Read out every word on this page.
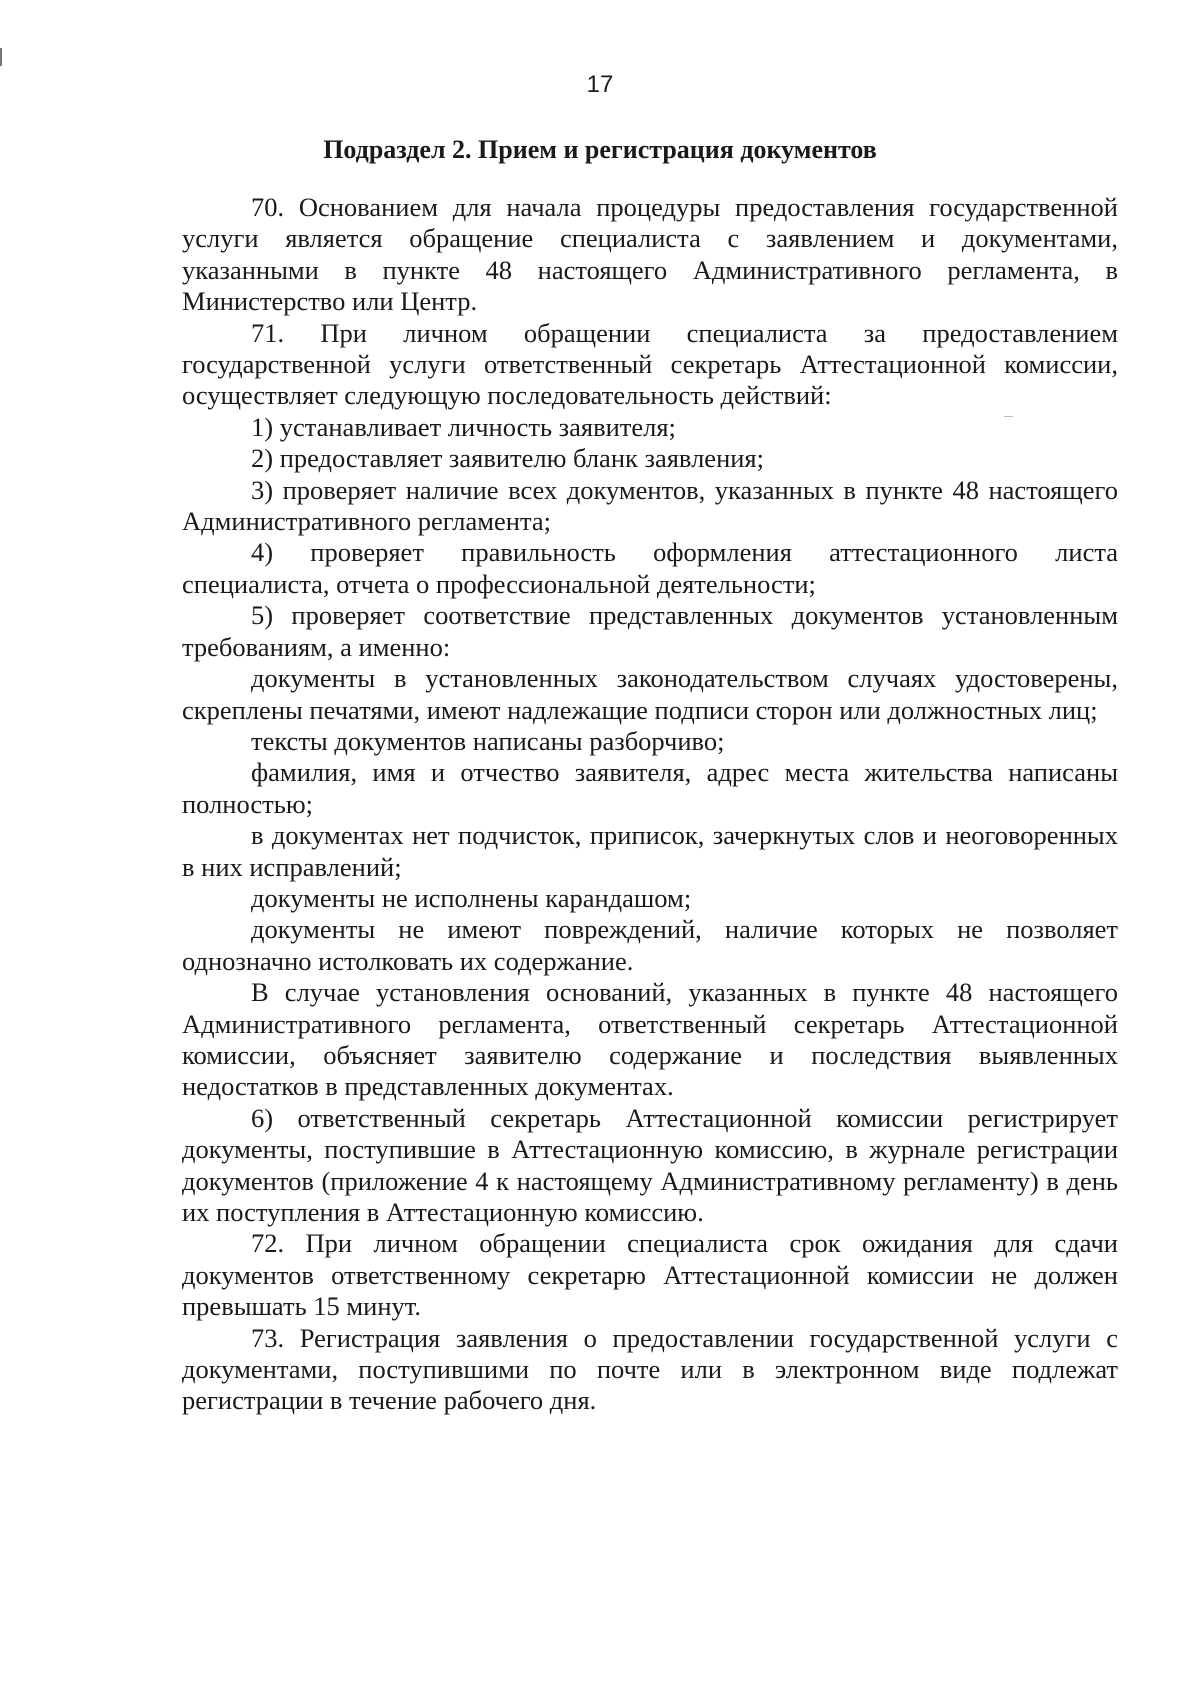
17
Подраздел 2. Прием и регистрация документов

70. Основанием для начала процедуры предоставления государственной услуги является обращение специалиста с заявлением и документами, указанными в пункте 48 настоящего Административного регламента, в Министерство или Центр.

71. При личном обращении специалиста за предоставлением государственной услуги ответственный секретарь Аттестационной комиссии, осуществляет следующую последовательность действий:

1) устанавливает личность заявителя;

2) предоставляет заявителю бланк заявления;

3) проверяет наличие всех документов, указанных в пункте 48 настоящего Административного регламента;

4) проверяет правильность оформления аттестационного листа специалиста, отчета о профессиональной деятельности;

5) проверяет соответствие представленных документов установленным требованиям, а именно:

документы в установленных законодательством случаях удостоверены, скреплены печатями, имеют надлежащие подписи сторон или должностных лиц;

тексты документов написаны разборчиво;

фамилия, имя и отчество заявителя, адрес места жительства написаны полностью;

в документах нет подчисток, приписок, зачеркнутых слов и неоговоренных в них исправлений;

документы не исполнены карандашом;

документы не имеют повреждений, наличие которых не позволяет однозначно истолковать их содержание.

В случае установления оснований, указанных в пункте 48 настоящего Административного регламента, ответственный секретарь Аттестационной комиссии, объясняет заявителю содержание и последствия выявленных недостатков в представленных документах.

6) ответственный секретарь Аттестационной комиссии регистрирует документы, поступившие в Аттестационную комиссию, в журнале регистрации документов (приложение 4 к настоящему Административному регламенту) в день их поступления в Аттестационную комиссию.

72. При личном обращении специалиста срок ожидания для сдачи документов ответственному секретарю Аттестационной комиссии не должен превышать 15 минут.

73. Регистрация заявления о предоставлении государственной услуги с документами, поступившими по почте или в электронном виде подлежат регистрации в течение рабочего дня.
